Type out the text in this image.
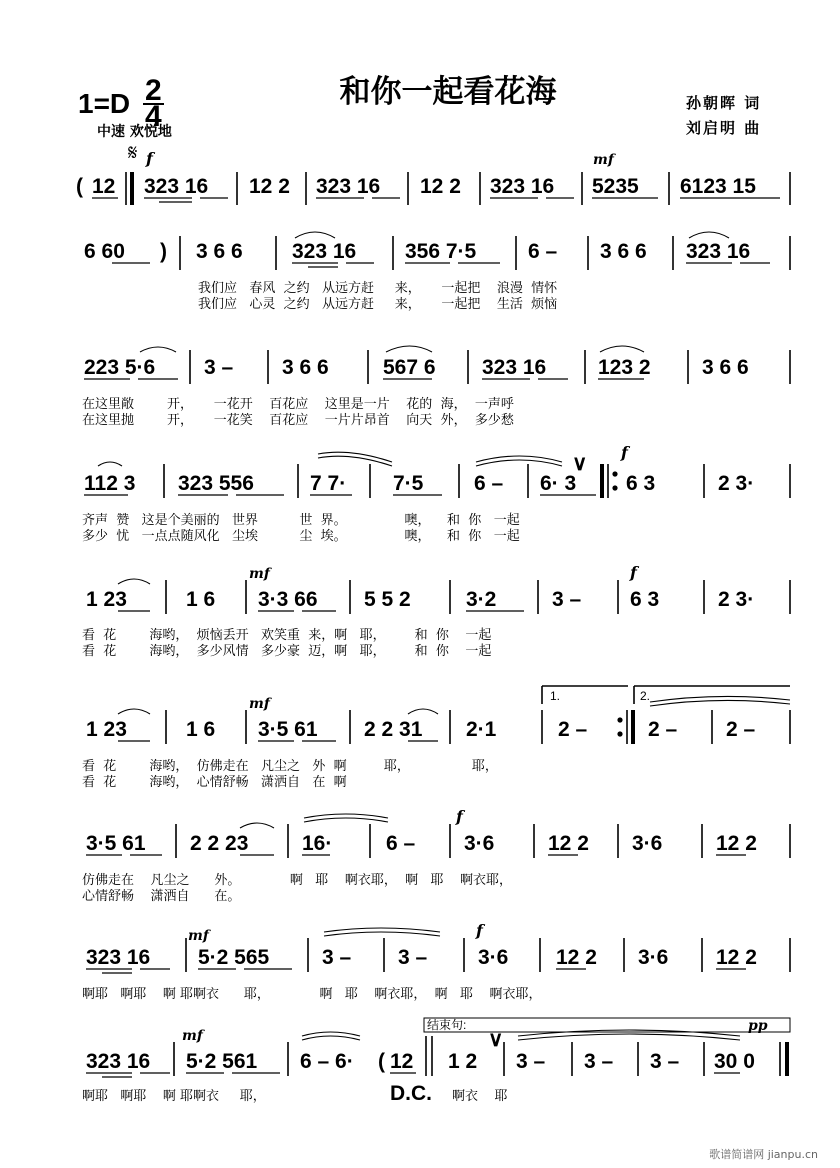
和你一起看花海
1=D 2
4
中速 欢悦地
孙朝晖 词
刘启明 曲
𝄋 f	mf
( 12 323 16 12 2 323 16 12 2 323 16 5235 6123 15
6 60 ) 3 6 6 323 16 356 7·5 6 – 3 6 6 323 16
我们应   春风  之约   从远方赶     来，     一起把    浪漫  情怀
我们应   心灵  之约   从远方赶     来，     一起把    生活  烦恼
223 5·6 3 – 3 6 6	567 6 323 16 123 2 3 6 6
在这里敞        开，     一花开    百花应    这里是一片    花的  海，  一声呼
在这里抛        开，     一花笑    百花应    一片片昂首    向天  外，  多少愁
f
112 3 323 556	7 7· 7·5 6 – 6· 3
∨
6 3	2 3·
齐声  赞   这是个美丽的   世界          世  界。              噢，    和  你   一起
多少  忧   一点点随风化   尘埃          尘  埃。              噢，    和  你   一起
mf	f
1 23	1 6 3·3 66 5 5 2	3·2	3 – 6 3	2 3·
看  花        海哟，  烦恼丢开   欢笑重  来，啊   耶，       和  你    一起
看  花        海哟，  多少风情   多少豪  迈，啊   耶，       和  你    一起
mf	1.	2.
1 23	1 6 3·5 61 2 2 31 2·1	2 –	2 – 2 –
看  花        海哟，  仿佛走在   凡尘之   外  啊         耶，               耶，
看  花        海哟，  心情舒畅   潇洒自   在  啊
f
3·5 61 2 2 23	16·	6 – 3·6	12 2 3·6	12 2
仿佛走在    凡尘之      外。            啊   耶    啊衣耶，  啊   耶    啊衣耶，
心情舒畅    潇洒自      在。
mf	f
323 16 5·2 565	3 – 3 – 3·6 12 2 3·6 12 2
啊耶   啊耶    啊 耶啊衣      耶，            啊   耶    啊衣耶，  啊   耶    啊衣耶，
mf
pp
结束句:
323 16 5·2 561 6 – 6· ( 12 1 2
∨
3 – 3 – 3 – 30 0
啊耶   啊耶    啊 耶啊衣     耶，	D.C. 啊衣    耶
歌谱简谱网 jianpu.cn
